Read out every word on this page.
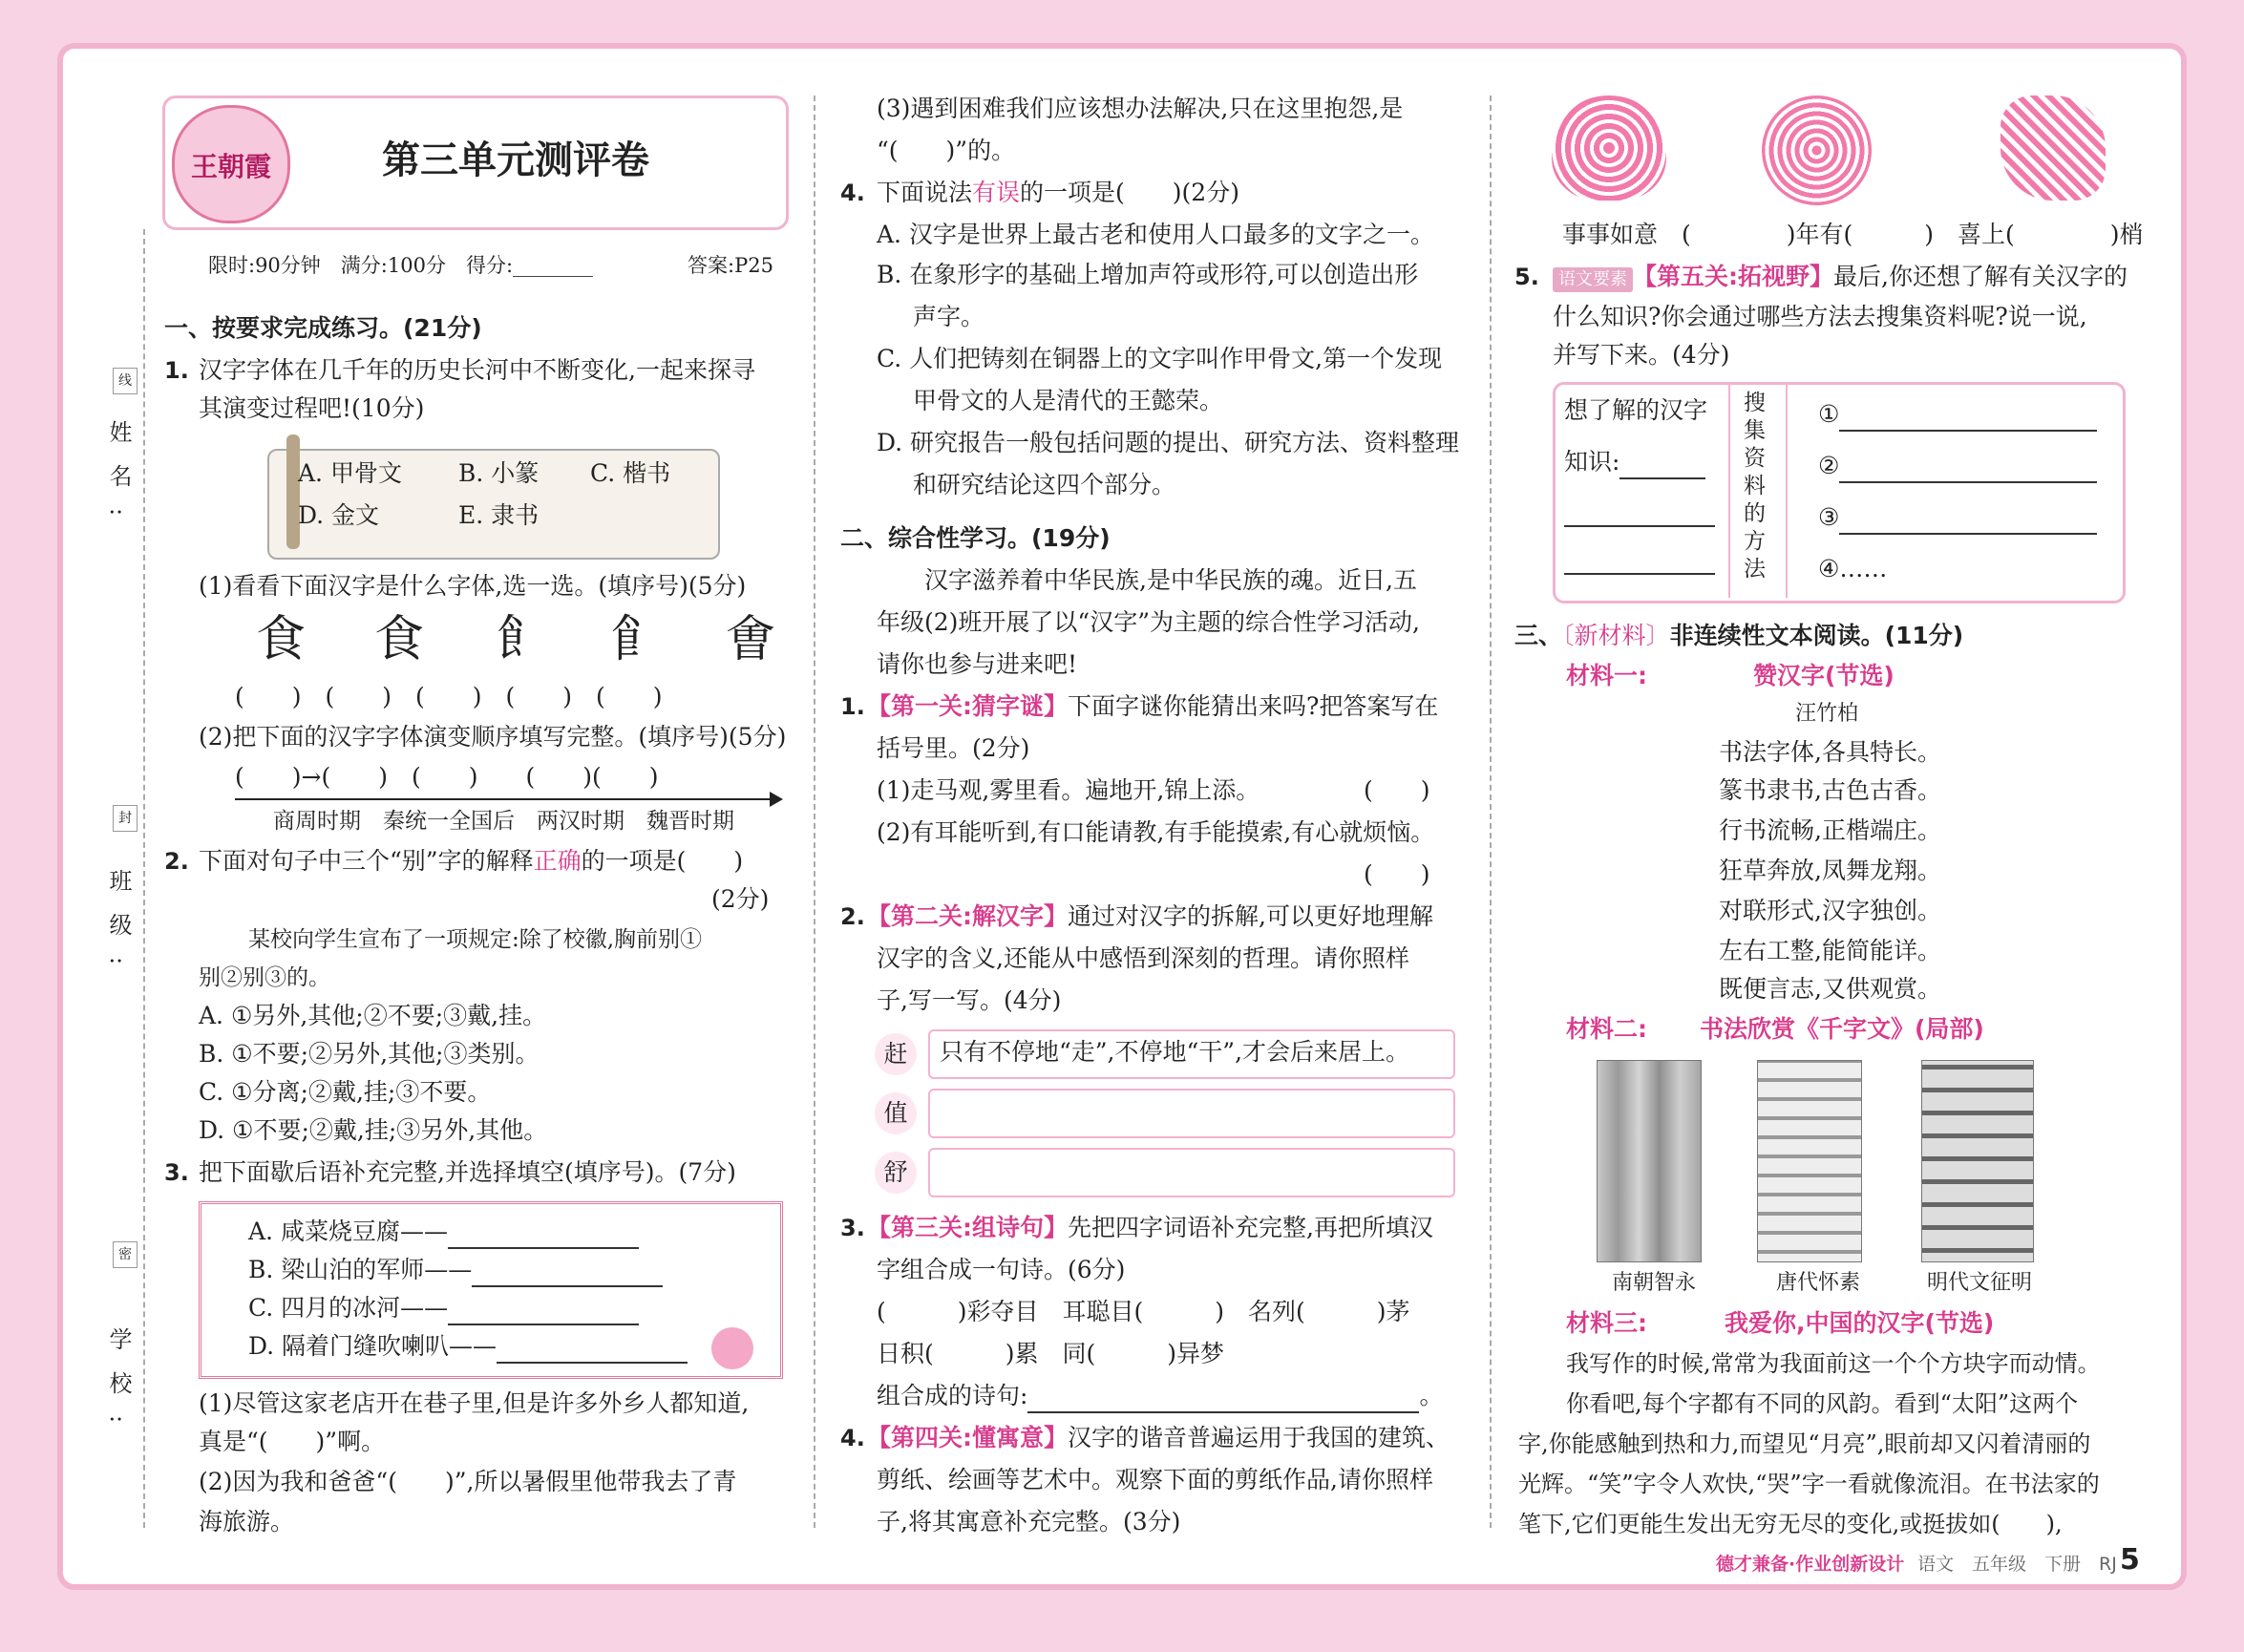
姓名:
班级:
学校:
线
封
密
王朝霞	第三单元测评卷
限时:90分钟　满分:100分　得分:________	答案:P25
一、按要求完成练习。(21分)
1. 汉字字体在几千年的历史长河中不断变化,一起来探寻
其演变过程吧!(10分)
A. 甲骨文 B. 小篆 C. 楷书
D. 金文	E. 隶书
(1)看看下面汉字是什么字体,选一选。(填序号)(5分)
⻝ 食 飠 𩙿 㑹
(　　)　(　　)　(　　)　(　　)　(　　)
(2)把下面的汉字字体演变顺序填写完整。(填序号)(5分)
(　　)→(　　)　(　　)　　(　　)(　　)
商周时期　秦统一全国后　两汉时期　魏晋时期
2. 下面对句子中三个“别”字的解释正确的一项是(　　)
(2分)
某校向学生宣布了一项规定:除了校徽,胸前别①
别②别③的。
A. ①另外,其他;②不要;③戴,挂。
B. ①不要;②另外,其他;③类别。
C. ①分离;②戴,挂;③不要。
D. ①不要;②戴,挂;③另外,其他。
3. 把下面歇后语补充完整,并选择填空(填序号)。(7分)
A. 咸菜烧豆腐——
B. 梁山泊的军师——
C. 四月的冰河——
D. 隔着门缝吹喇叭——
(1)尽管这家老店开在巷子里,但是许多外乡人都知道,
真是“(　　)”啊。
(2)因为我和爸爸“(　　)”,所以暑假里他带我去了青
海旅游。
(3)遇到困难我们应该想办法解决,只在这里抱怨,是
“(　　)”的。
4. 下面说法有误的一项是(　　)(2分)
A. 汉字是世界上最古老和使用人口最多的文字之一。
B. 在象形字的基础上增加声符或形符,可以创造出形
声字。
C. 人们把铸刻在铜器上的文字叫作甲骨文,第一个发现
甲骨文的人是清代的王懿荣。
D. 研究报告一般包括问题的提出、研究方法、资料整理
和研究结论这四个部分。
二、综合性学习。(19分)
汉字滋养着中华民族,是中华民族的魂。近日,五
年级(2)班开展了以“汉字”为主题的综合性学习活动,
请你也参与进来吧!
1. 【第一关:猜字谜】下面字谜你能猜出来吗?把答案写在
括号里。(2分)
(1)走马观,雾里看。遍地开,锦上添。	(　　)
(2)有耳能听到,有口能请教,有手能摸索,有心就烦恼。
(　　)
2. 【第二关:解汉字】通过对汉字的拆解,可以更好地理解
汉字的含义,还能从中感悟到深刻的哲理。请你照样
子,写一写。(4分)
赶	只有不停地“走”,不停地“干”,才会后来居上。
值
舒
3. 【第三关:组诗句】先把四字词语补充完整,再把所填汉
字组合成一句诗。(6分)
(　　　)彩夺目　耳聪目(　　　)　名列(　　　)茅
日积(　　　)累　同(　　　)异梦
组合成的诗句:	。
4. 【第四关:懂寓意】汉字的谐音普遍运用于我国的建筑、
剪纸、绘画等艺术中。观察下面的剪纸作品,请你照样
子,将其寓意补充完整。(3分)
事事如意　(　　　　)年有(　　　)　喜上(　　　　)梢
5.	语文要素 【第五关:拓视野】最后,你还想了解有关汉字的
什么知识?你会通过哪些方法去搜集资料呢?说一说,
并写下来。(4分)
想了解的汉字
知识:
搜集资料的方法
①
②
③
④……
三、〔新材料〕非连续性文本阅读。(11分)
材料一:	赞汉字(节选)
汪竹柏
书法字体,各具特长。
篆书隶书,古色古香。
行书流畅,正楷端庄。
狂草奔放,凤舞龙翔。
对联形式,汉字独创。
左右工整,能简能详。
既便言志,又供观赏。
材料二: 书法欣赏《千字文》(局部)
南朝智永	唐代怀素	明代文征明
材料三:	我爱你,中国的汉字(节选)
我写作的时候,常常为我面前这一个个方块字而动情。
你看吧,每个字都有不同的风韵。看到“太阳”这两个
字,你能感触到热和力,而望见“月亮”,眼前却又闪着清丽的
光辉。“笑”字令人欢快,“哭”字一看就像流泪。在书法家的
笔下,它们更能生发出无穷无尽的变化,或挺拔如(　　),
德才兼备·作业创新设计 语文　五年级　下册　RJ 5
